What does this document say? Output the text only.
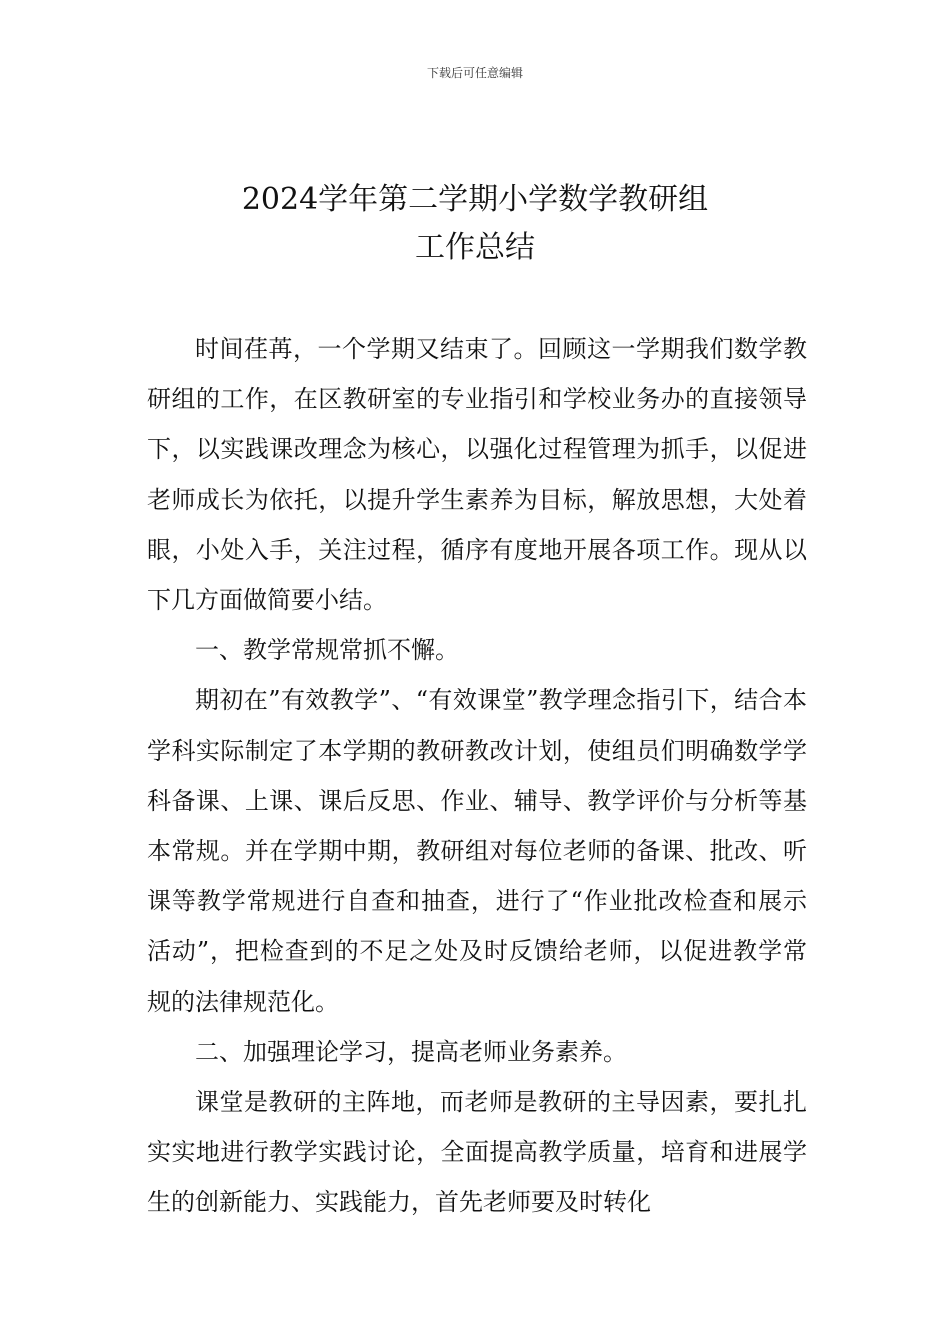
下载后可任意编辑
2024学年第二学期小学数学教研组
工作总结

时间荏苒，一个学期又结束了。回顾这一学期我们数学教研组的工作，在区教研室的专业指引和学校业务办的直接领导下，以实践课改理念为核心，以强化过程管理为抓手，以促进老师成长为依托，以提升学生素养为目标，解放思想，大处着眼，小处入手，关注过程，循序有度地开展各项工作。现从以下几方面做简要小结。

一、教学常规常抓不懈。

期初在”有效教学”、“有效课堂”教学理念指引下，结合本学科实际制定了本学期的教研教改计划，使组员们明确数学学科备课、上课、课后反思、作业、辅导、教学评价与分析等基本常规。并在学期中期，教研组对每位老师的备课、批改、听课等教学常规进行自查和抽查，进行了“作业批改检查和展示活动”，把检查到的不足之处及时反馈给老师，以促进教学常规的法律规范化。

二、加强理论学习，提高老师业务素养。

课堂是教研的主阵地，而老师是教研的主导因素，要扎扎实实地进行教学实践讨论，全面提高教学质量，培育和进展学生的创新能力、实践能力，首先老师要及时转化
